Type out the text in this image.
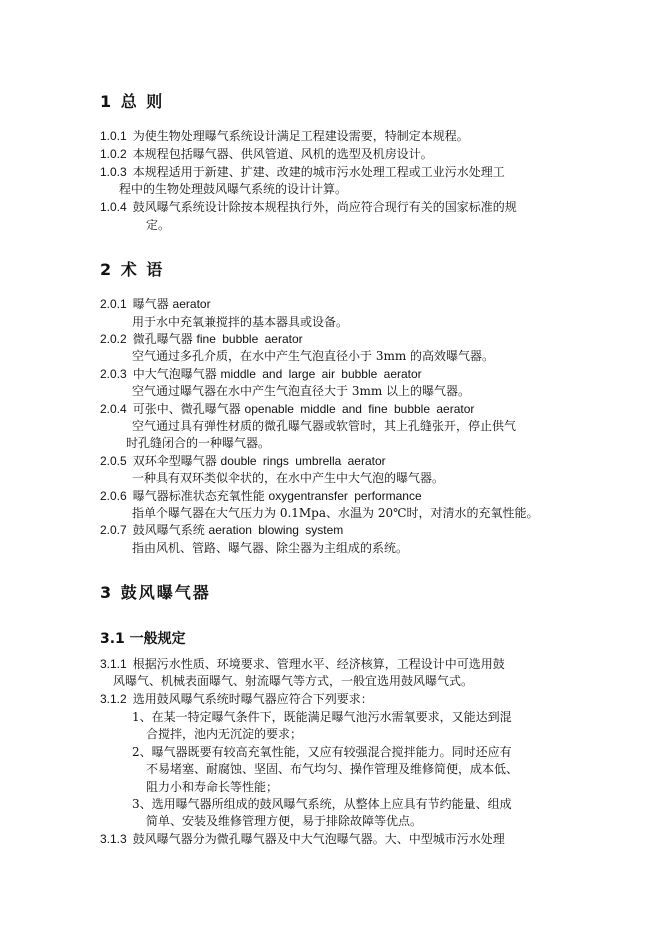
1 总 则
1.0.1 为使生物处理曝气系统设计满足工程建设需要，特制定本规程。
1.0.2 本规程包括曝气器、供风管道、风机的选型及机房设计。
1.0.3 本规程适用于新建、扩建、改建的城市污水处理工程或工业污水处理工
程中的生物处理鼓风曝气系统的设计计算。
1.0.4 鼓风曝气系统设计除按本规程执行外，尚应符合现行有关的国家标准的规
定。
2 术 语
2.0.1 曝气器 aerator
用于水中充氧兼搅拌的基本器具或设备。
2.0.2 微孔曝气器 fine bubble aerator
空气通过多孔介质，在水中产生气泡直径小于 3mm 的高效曝气器。
2.0.3 中大气泡曝气器 middle and large air bubble aerator
空气通过曝气器在水中产生气泡直径大于 3mm 以上的曝气器。
2.0.4 可张中、微孔曝气器 openable middle and fine bubble aerator
空气通过具有弹性材质的微孔曝气器或软管时，其上孔缝张开，停止供气
时孔缝闭合的一种曝气器。
2.0.5 双环伞型曝气器 double rings umbrella aerator
一种具有双环类似伞状的，在水中产生中大气泡的曝气器。
2.0.6 曝气器标准状态充氧性能 oxygentransfer performance
指单个曝气器在大气压力为 0.1Mpa、水温为 20℃时，对清水的充氧性能。
2.0.7 鼓风曝气系统 aeration blowing system
指由风机、管路、曝气器、除尘器为主组成的系统。
3 鼓风曝气器
3.1 一般规定
3.1.1 根据污水性质、环境要求、管理水平、经济核算，工程设计中可选用鼓
风曝气、机械表面曝气、射流曝气等方式，一般宜选用鼓风曝气式。
3.1.2 选用鼓风曝气系统时曝气器应符合下列要求：
1、在某一特定曝气条件下，既能满足曝气池污水需氧要求，又能达到混
合搅拌，池内无沉淀的要求；
2、曝气器既要有较高充氧性能，又应有较强混合搅拌能力。同时还应有
不易堵塞、耐腐蚀、坚固、布气均匀、操作管理及维修简便，成本低、
阻力小和寿命长等性能；
3、选用曝气器所组成的鼓风曝气系统，从整体上应具有节约能量、组成
简单、安装及维修管理方便，易于排除故障等优点。
3.1.3 鼓风曝气器分为微孔曝气器及中大气泡曝气器。大、中型城市污水处理
